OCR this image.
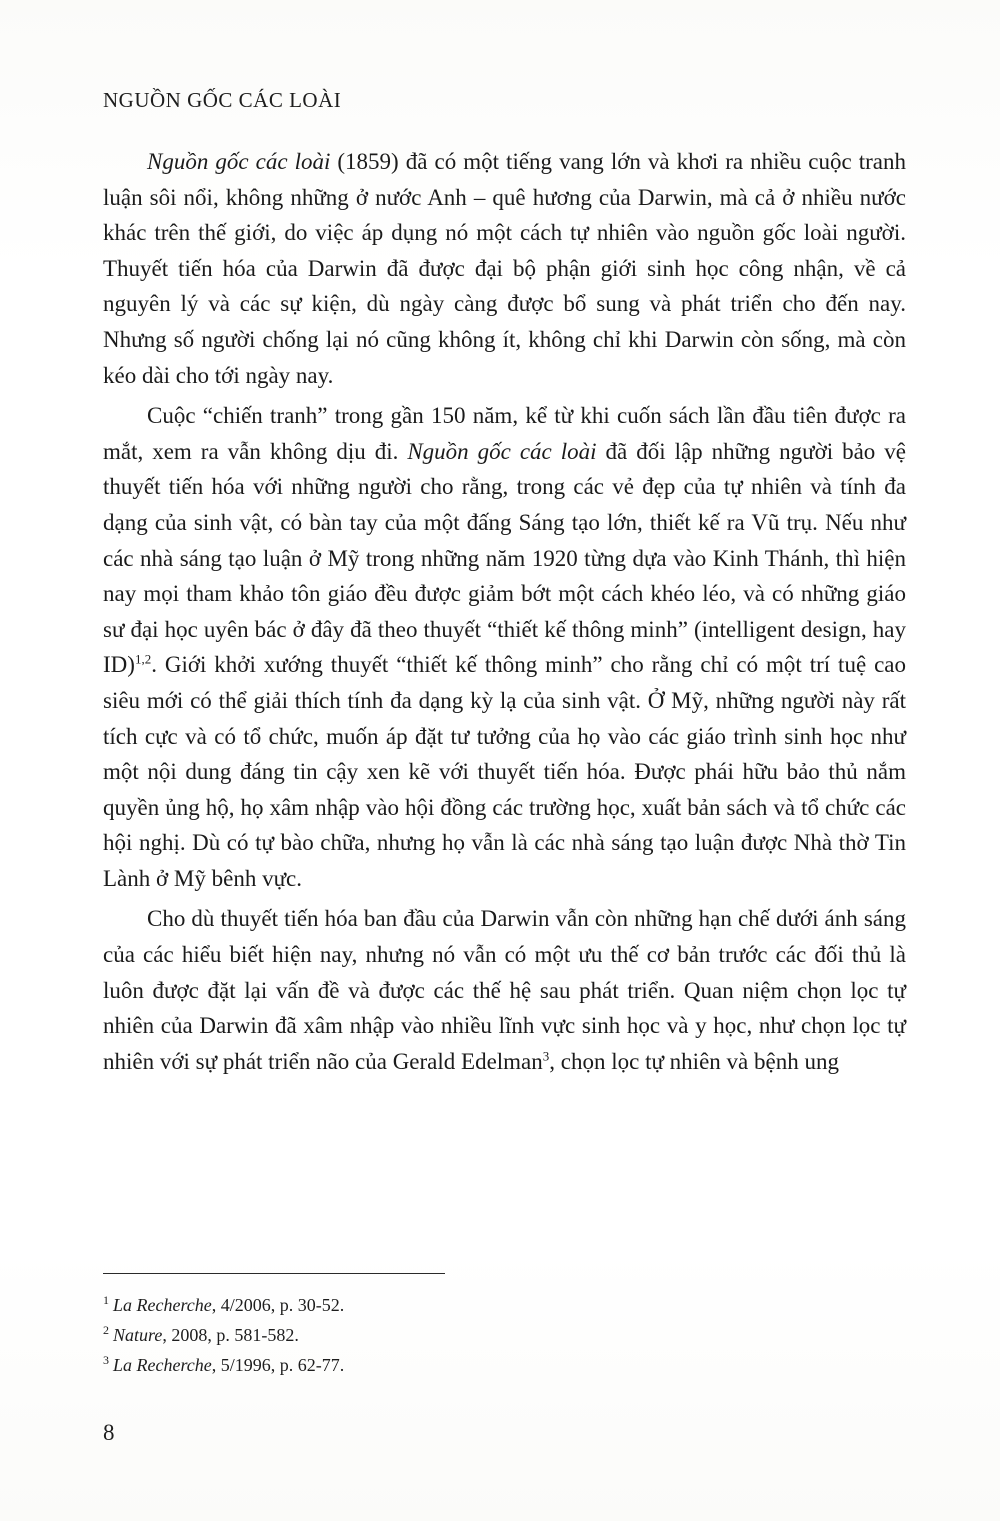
NGUỒN GỐC CÁC LOÀI

Nguồn gốc các loài (1859) đã có một tiếng vang lớn và khơi ra nhiều cuộc tranh luận sôi nổi, không những ở nước Anh – quê hương của Darwin, mà cả ở nhiều nước khác trên thế giới, do việc áp dụng nó một cách tự nhiên vào nguồn gốc loài người. Thuyết tiến hóa của Darwin đã được đại bộ phận giới sinh học công nhận, về cả nguyên lý và các sự kiện, dù ngày càng được bổ sung và phát triển cho đến nay. Nhưng số người chống lại nó cũng không ít, không chỉ khi Darwin còn sống, mà còn kéo dài cho tới ngày nay.

Cuộc “chiến tranh” trong gần 150 năm, kể từ khi cuốn sách lần đầu tiên được ra mắt, xem ra vẫn không dịu đi. Nguồn gốc các loài đã đối lập những người bảo vệ thuyết tiến hóa với những người cho rằng, trong các vẻ đẹp của tự nhiên và tính đa dạng của sinh vật, có bàn tay của một đấng Sáng tạo lớn, thiết kế ra Vũ trụ. Nếu như các nhà sáng tạo luận ở Mỹ trong những năm 1920 từng dựa vào Kinh Thánh, thì hiện nay mọi tham khảo tôn giáo đều được giảm bớt một cách khéo léo, và có những giáo sư đại học uyên bác ở đây đã theo thuyết “thiết kế thông minh” (intelligent design, hay ID)$^{1,2}$. Giới khởi xướng thuyết “thiết kế thông minh” cho rằng chỉ có một trí tuệ cao siêu mới có thể giải thích tính đa dạng kỳ lạ của sinh vật. Ở Mỹ, những người này rất tích cực và có tổ chức, muốn áp đặt tư tưởng của họ vào các giáo trình sinh học như một nội dung đáng tin cậy xen kẽ với thuyết tiến hóa. Được phái hữu bảo thủ nắm quyền ủng hộ, họ xâm nhập vào hội đồng các trường học, xuất bản sách và tổ chức các hội nghị. Dù có tự bào chữa, nhưng họ vẫn là các nhà sáng tạo luận được Nhà thờ Tin Lành ở Mỹ bênh vực.

Cho dù thuyết tiến hóa ban đầu của Darwin vẫn còn những hạn chế dưới ánh sáng của các hiểu biết hiện nay, nhưng nó vẫn có một ưu thế cơ bản trước các đối thủ là luôn được đặt lại vấn đề và được các thế hệ sau phát triển. Quan niệm chọn lọc tự nhiên của Darwin đã xâm nhập vào nhiều lĩnh vực sinh học và y học, như chọn lọc tự nhiên với sự phát triển não của Gerald Edelman$^3$, chọn lọc tự nhiên và bệnh ung

$^1$ La Recherche, 4/2006, p. 30-52.

$^2$ Nature, 2008, p. 581-582.

$^3$ La Recherche, 5/1996, p. 62-77.

8
